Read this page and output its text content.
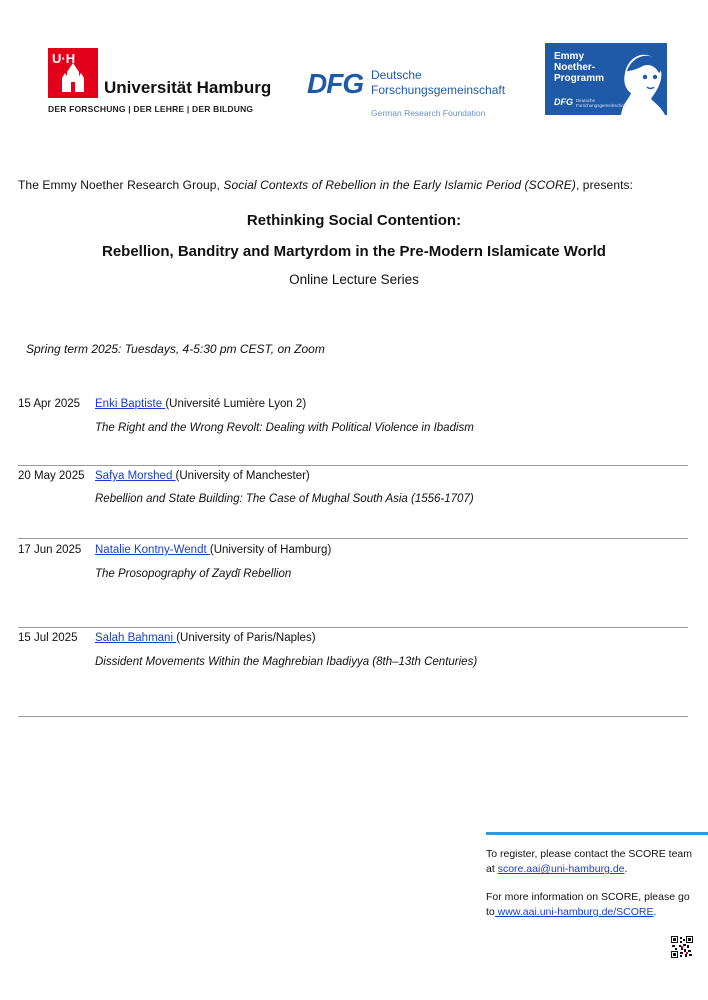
U·H
Universität Hamburg
DER FORSCHUNG | DER LEHRE | DER BILDUNG
DFG Deutsche
Forschungsgemeinschaft
German Research Foundation
Emmy
Noether-
Programm
DFG Deutsche
Forschungsgemeinschaft
The Emmy Noether Research Group, Social Contexts of Rebellion in the Early Islamic Period (SCORE), presents:
Rethinking Social Contention:
Rebellion, Banditry and Martyrdom in the Pre-Modern Islamicate World
Online Lecture Series
Spring term 2025: Tuesdays, 4-5:30 pm CEST, on Zoom
15 Apr 2025 Enki Baptiste (Université Lumière Lyon 2)
The Right and the Wrong Revolt: Dealing with Political Violence in Ibadism
20 May 2025 Safya Morshed (University of Manchester)
Rebellion and State Building: The Case of Mughal South Asia (1556-1707)
17 Jun 2025 Natalie Kontny-Wendt (University of Hamburg)
The Prosopography of Zaydī Rebellion
15 Jul 2025 Salah Bahmani (University of Paris/Naples)
Dissident Movements Within the Maghrebian Ibadiyya (8th–13th Centuries)
To register, please contact the SCORE team
at score.aai@uni-hamburg.de.
For more information on SCORE, please go
to www.aai.uni-hamburg.de/SCORE.
